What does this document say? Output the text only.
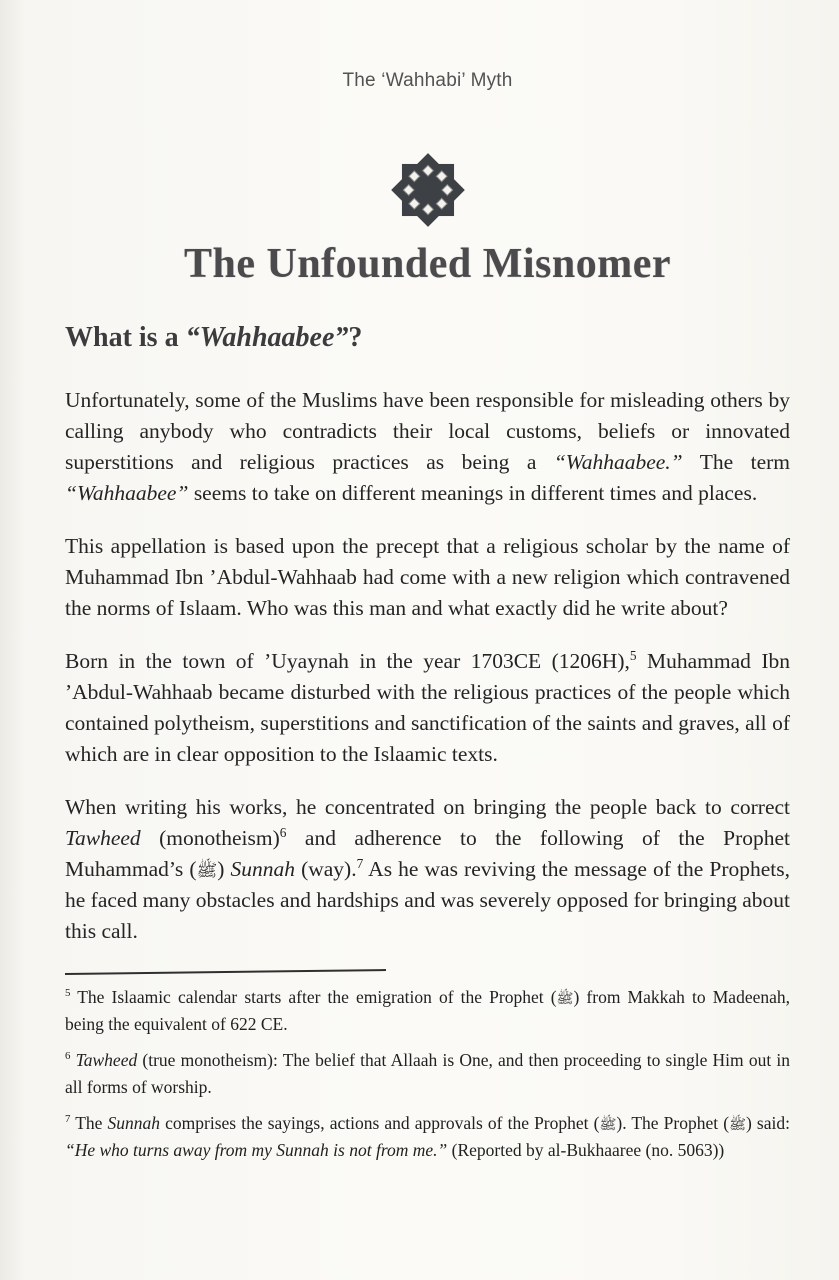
The ‘Wahhabi’ Myth
The Unfounded Misnomer
What is a “Wahhaabee”?

Unfortunately, some of the Muslims have been responsible for misleading others by calling anybody who contradicts their local customs, beliefs or innovated superstitions and religious practices as being a “Wahhaabee.” The term “Wahhaabee” seems to take on different meanings in different times and places.

This appellation is based upon the precept that a religious scholar by the name of Muhammad Ibn ’Abdul-Wahhaab had come with a new religion which contravened the norms of Islaam. Who was this man and what exactly did he write about?

Born in the town of ’Uyaynah in the year 1703CE (1206H),$^5$ Muhammad Ibn ’Abdul-Wahhaab became disturbed with the religious practices of the people which contained polytheism, superstitions and sanctification of the saints and graves, all of which are in clear opposition to the Islaamic texts.

When writing his works, he concentrated on bringing the people back to correct Tawheed (monotheism)$^6$ and adherence to the following of the Prophet Muhammad’s (ﷺ) Sunnah (way).$^7$ As he was reviving the message of the Prophets, he faced many obstacles and hardships and was severely opposed for bringing about this call.

$^5$ The Islaamic calendar starts after the emigration of the Prophet (ﷺ) from Makkah to Madeenah, being the equivalent of 622 CE.
$^6$ Tawheed (true monotheism): The belief that Allaah is One, and then proceeding to single Him out in all forms of worship.
$^7$ The Sunnah comprises the sayings, actions and approvals of the Prophet (ﷺ). The Prophet (ﷺ) said: “He who turns away from my Sunnah is not from me.” (Reported by al-Bukhaaree (no. 5063))
